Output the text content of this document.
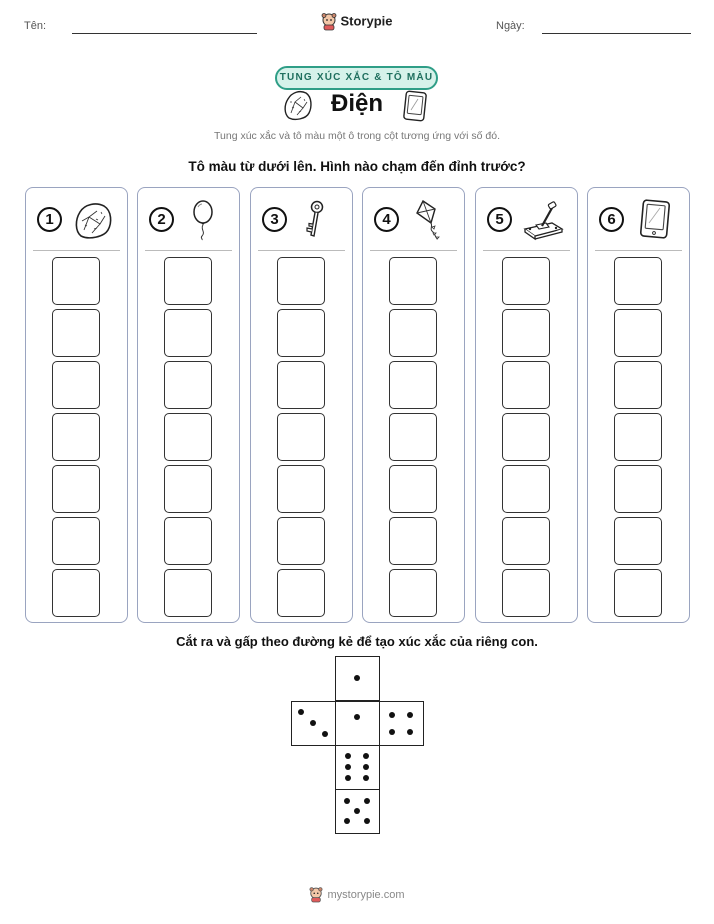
Tên:	Ngày:
Storypie
TUNG XÚC XẮC & TÔ MÀU
Điện
Tung xúc xắc và tô màu một ô trong cột tương ứng với số đó.
Tô màu từ dưới lên. Hình nào chạm đến đỉnh trước?
1	2	3	4	5	6
Cắt ra và gấp theo đường kẻ để tạo xúc xắc của riêng con.
mystorypie.com
